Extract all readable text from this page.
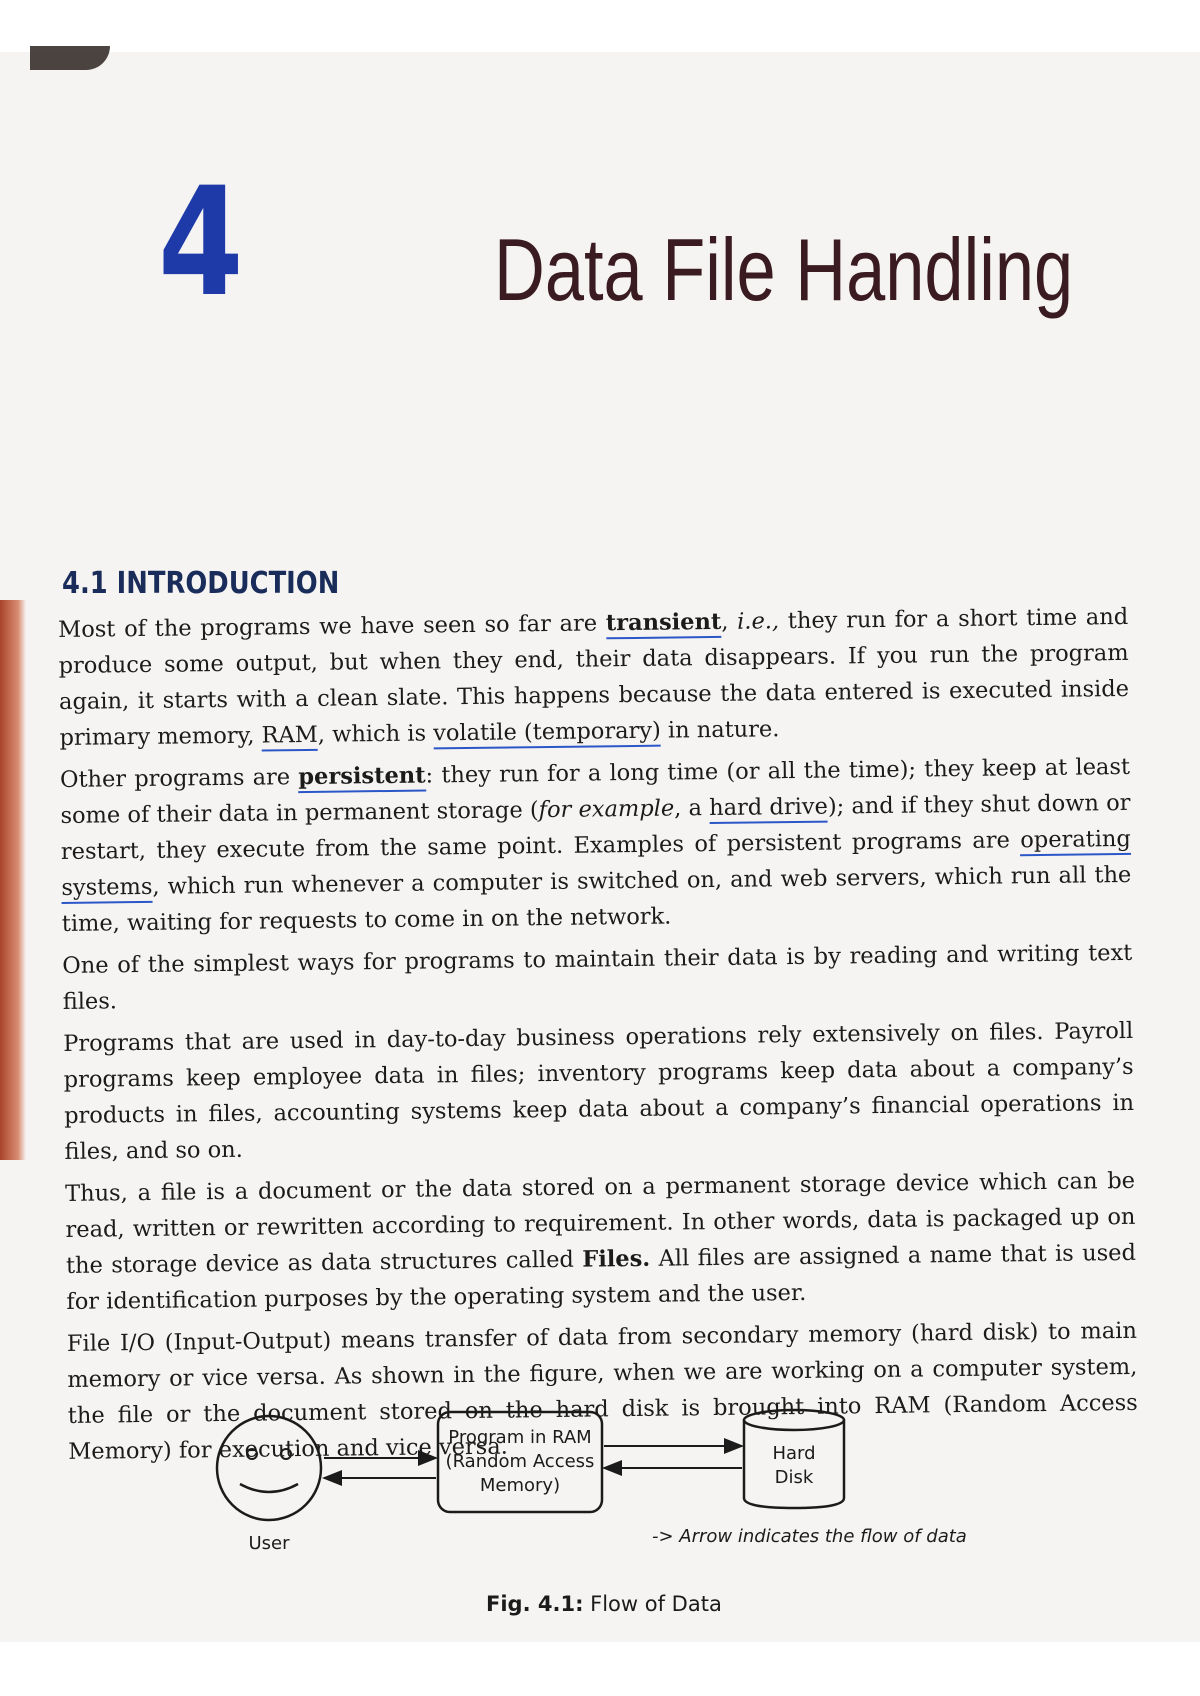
4	Data File Handling
4.1 INTRODUCTION

Most of the programs we have seen so far are transient, i.e., they run for a short time and produce some output, but when they end, their data disappears. If you run the program again, it starts with a clean slate. This happens because the data entered is executed inside primary memory, RAM, which is volatile (temporary) in nature.

Other programs are persistent: they run for a long time (or all the time); they keep at least some of their data in permanent storage (for example, a hard drive); and if they shut down or restart, they execute from the same point. Examples of persistent programs are operating systems, which run whenever a computer is switched on, and web servers, which run all the time, waiting for requests to come in on the network.

One of the simplest ways for programs to maintain their data is by reading and writing text files.

Programs that are used in day-to-day business operations rely extensively on files. Payroll programs keep employee data in files; inventory programs keep data about a company’s products in files, accounting systems keep data about a company’s financial operations in files, and so on.

Thus, a file is a document or the data stored on a permanent storage device which can be read, written or rewritten according to requirement. In other words, data is packaged up on the storage device as data structures called Files. All files are assigned a name that is used for identification purposes by the operating system and the user.

File I/O (Input-Output) means transfer of data from secondary memory (hard disk) to main memory or vice versa. As shown in the figure, when we are working on a computer system, the file or the document stored on the hard disk is brought into RAM (Random Access Memory) for execution and vice versa.

User
Program in RAM
(Random Access
Memory)
Hard
Disk
-> Arrow indicates the flow of data
Fig. 4.1: Flow of Data
